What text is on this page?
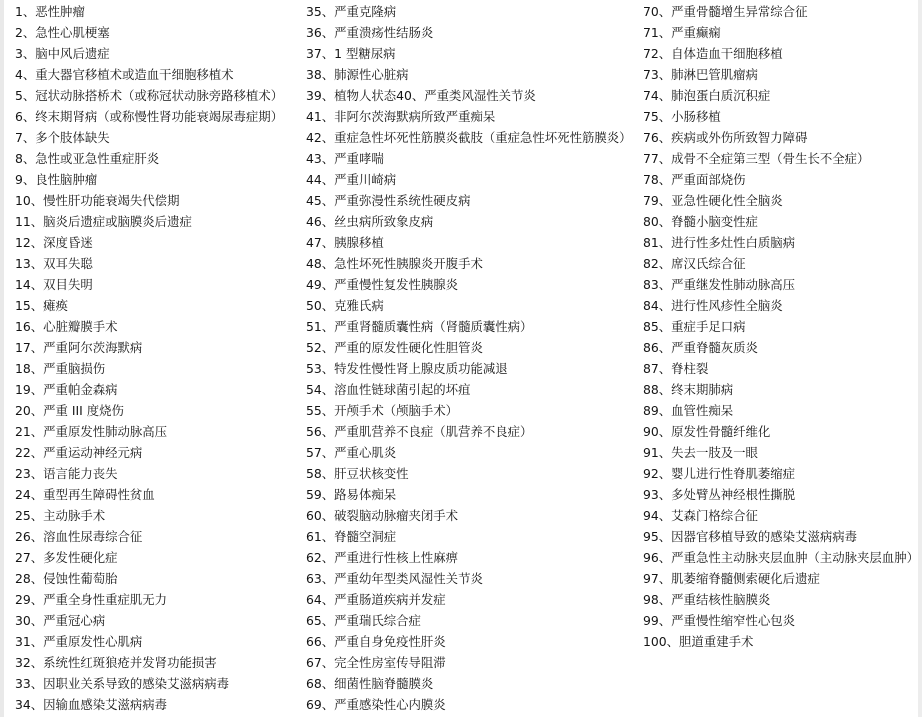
1、恶性肿瘤
2、急性心肌梗塞
3、脑中风后遗症
4、重大器官移植术或造血干细胞移植术
5、冠状动脉搭桥术（或称冠状动脉旁路移植术）
6、终末期肾病（或称慢性肾功能衰竭尿毒症期）
7、多个肢体缺失
8、急性或亚急性重症肝炎
9、良性脑肿瘤
10、慢性肝功能衰竭失代偿期
11、脑炎后遗症或脑膜炎后遗症
12、深度昏迷
13、双耳失聪
14、双目失明
15、瘫痪
16、心脏瓣膜手术
17、严重阿尔茨海默病
18、严重脑损伤
19、严重帕金森病
20、严重 III 度烧伤
21、严重原发性肺动脉高压
22、严重运动神经元病
23、语言能力丧失
24、重型再生障碍性贫血
25、主动脉手术
26、溶血性尿毒综合征
27、多发性硬化症
28、侵蚀性葡萄胎
29、严重全身性重症肌无力
30、严重冠心病
31、严重原发性心肌病
32、系统性红斑狼疮并发肾功能损害
33、因职业关系导致的感染艾滋病病毒
34、因输血感染艾滋病病毒
35、严重克隆病
36、严重溃疡性结肠炎
37、1 型糖尿病
38、肺源性心脏病
39、植物人状态40、严重类风湿性关节炎
41、非阿尔茨海默病所致严重痴呆
42、重症急性坏死性筋膜炎截肢（重症急性坏死性筋膜炎）
43、严重哮喘
44、严重川崎病
45、严重弥漫性系统性硬皮病
46、丝虫病所致象皮病
47、胰腺移植
48、急性坏死性胰腺炎开腹手术
49、严重慢性复发性胰腺炎
50、克雅氏病
51、严重肾髓质囊性病（肾髓质囊性病）
52、严重的原发性硬化性胆管炎
53、特发性慢性肾上腺皮质功能减退
54、溶血性链球菌引起的坏疽
55、开颅手术（颅脑手术）
56、严重肌营养不良症（肌营养不良症）
57、严重心肌炎
58、肝豆状核变性
59、路易体痴呆
60、破裂脑动脉瘤夹闭手术
61、脊髓空洞症
62、严重进行性核上性麻痹
63、严重幼年型类风湿性关节炎
64、严重肠道疾病并发症
65、严重瑞氏综合症
66、严重自身免疫性肝炎
67、完全性房室传导阻滞
68、细菌性脑脊髓膜炎
69、严重感染性心内膜炎
70、严重骨髓增生异常综合征
71、严重癫痫
72、自体造血干细胞移植
73、肺淋巴管肌瘤病
74、肺泡蛋白质沉积症
75、小肠移植
76、疾病或外伤所致智力障碍
77、成骨不全症第三型（骨生长不全症）
78、严重面部烧伤
79、亚急性硬化性全脑炎
80、脊髓小脑变性症
81、进行性多灶性白质脑病
82、席汉氏综合征
83、严重继发性肺动脉高压
84、进行性风疹性全脑炎
85、重症手足口病
86、严重脊髓灰质炎
87、脊柱裂
88、终末期肺病
89、血管性痴呆
90、原发性骨髓纤维化
91、失去一肢及一眼
92、婴儿进行性脊肌萎缩症
93、多处臂丛神经根性撕脱
94、艾森门格综合征
95、因器官移植导致的感染艾滋病病毒
96、严重急性主动脉夹层血肿（主动脉夹层血肿）
97、肌萎缩脊髓侧索硬化后遗症
98、严重结核性脑膜炎
99、严重慢性缩窄性心包炎
100、胆道重建手术
